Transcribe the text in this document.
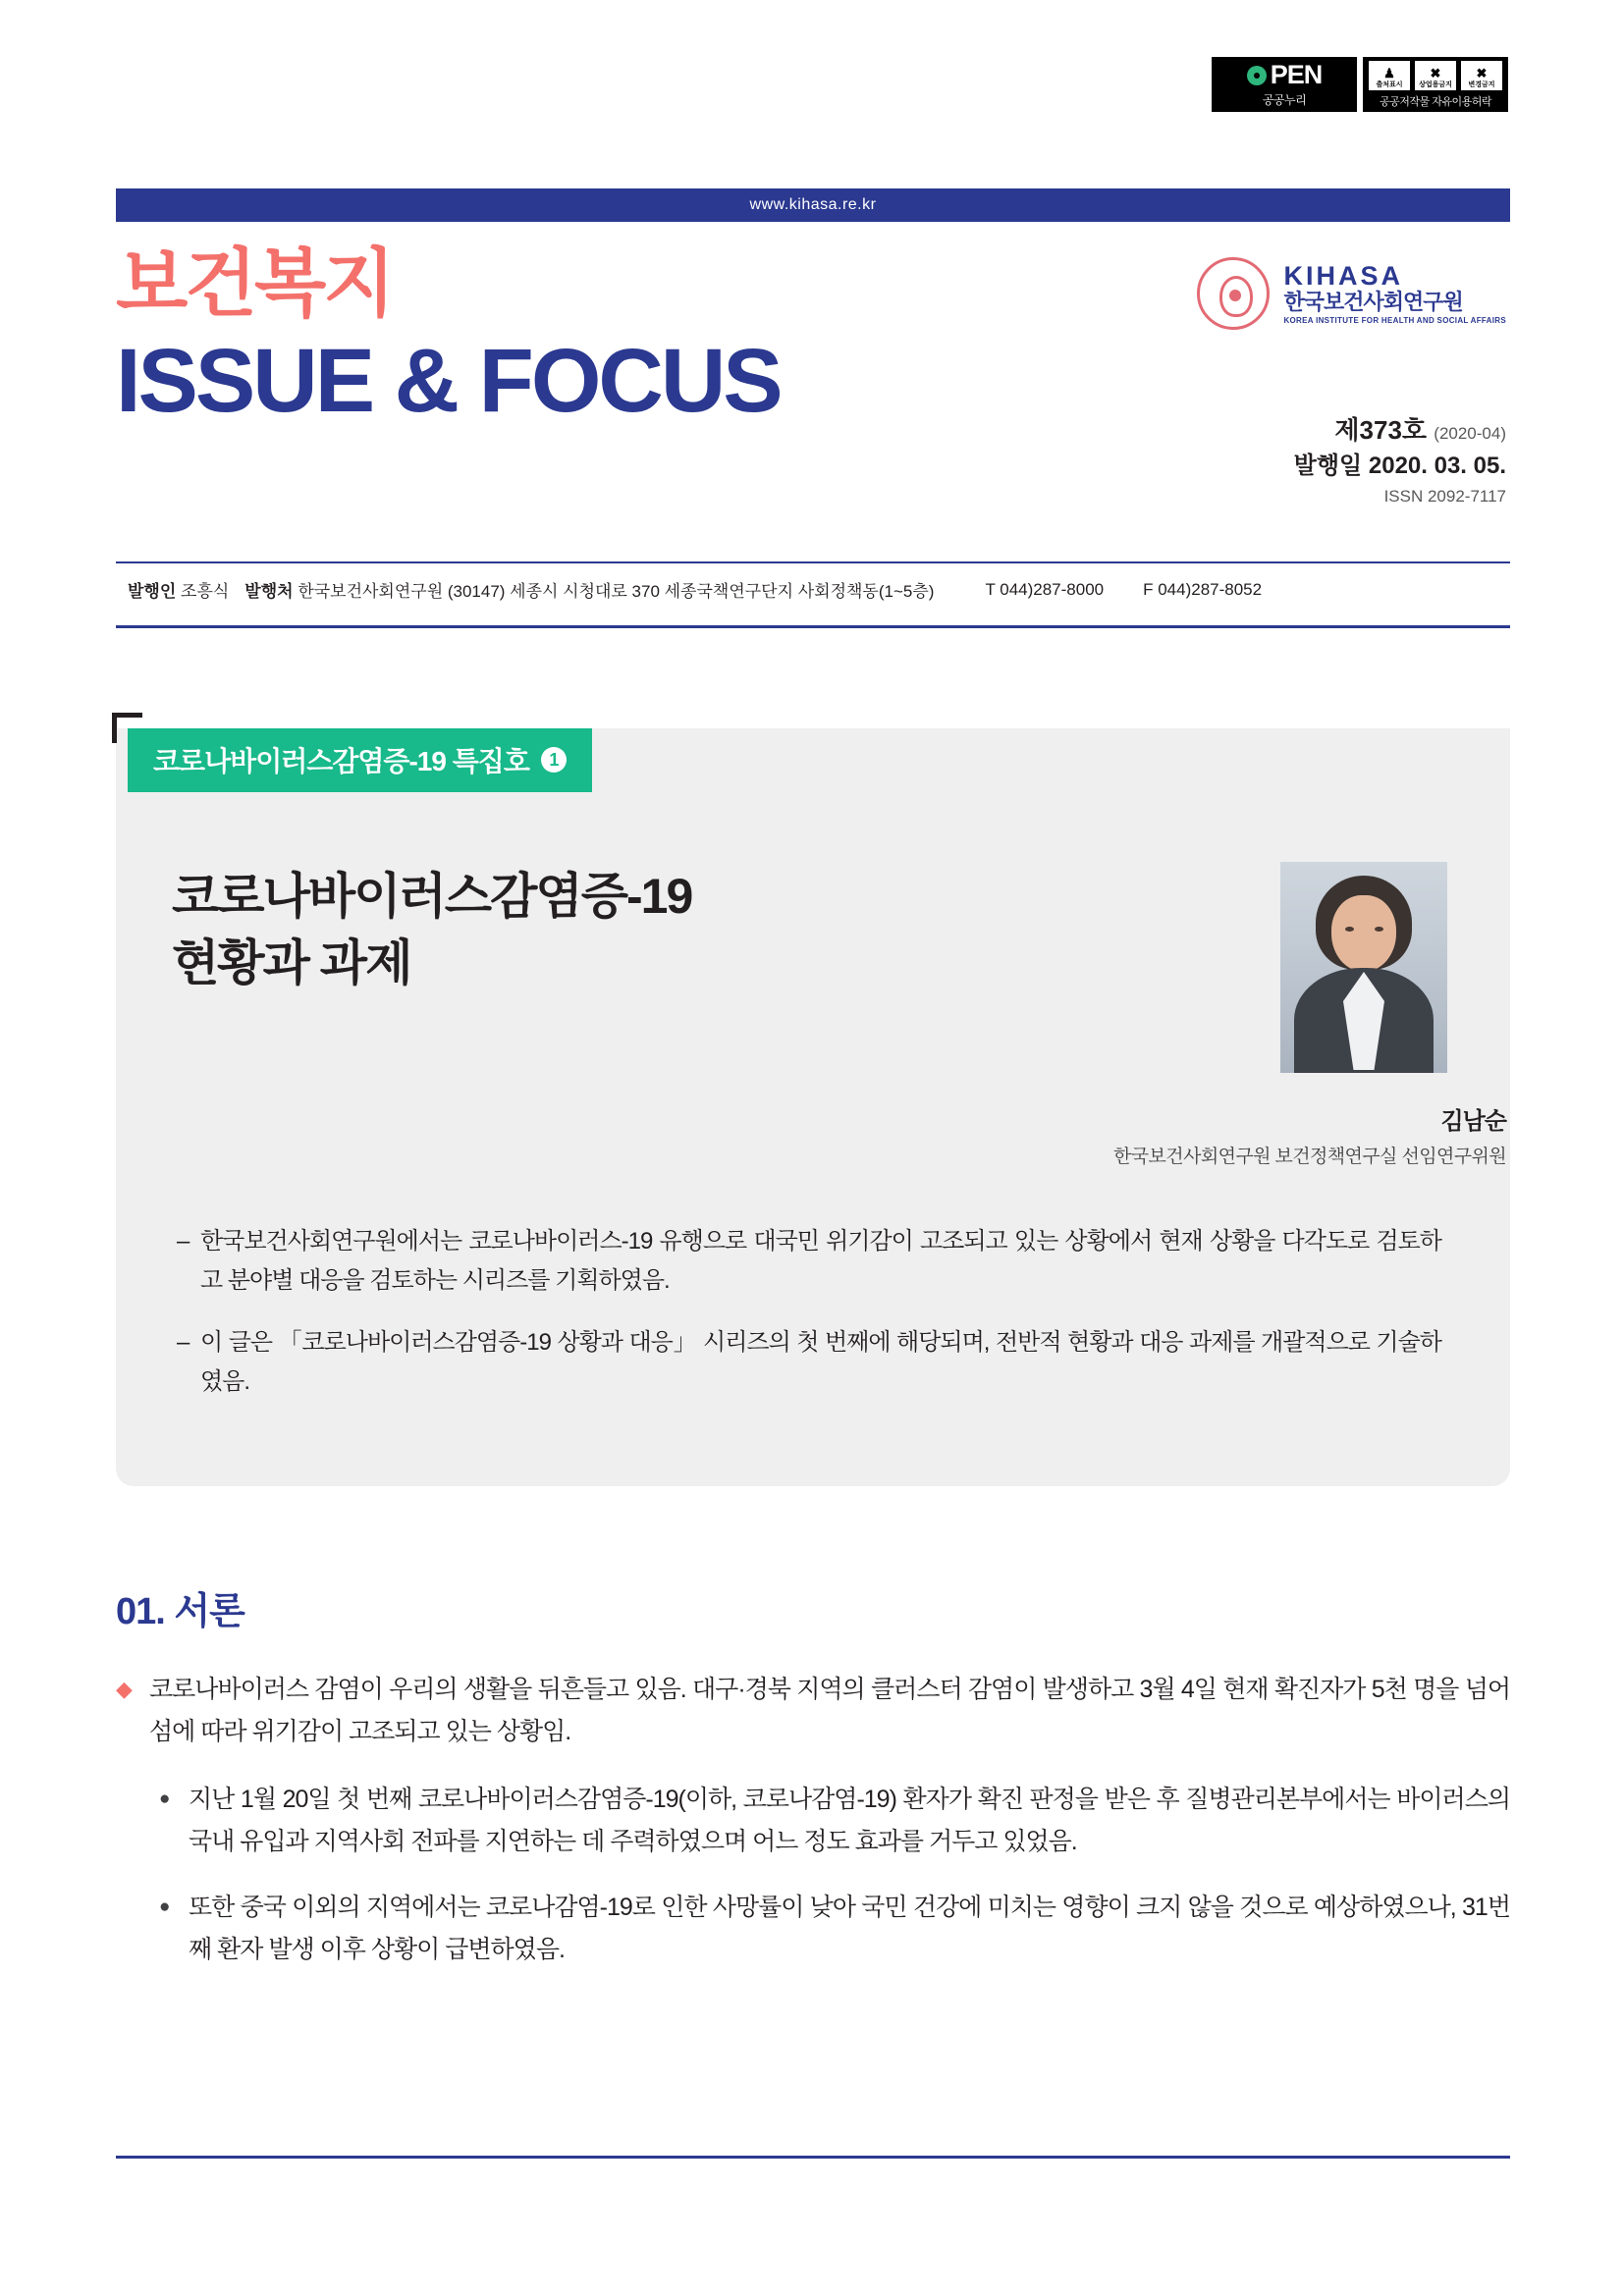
PEN
공공누리
♟
출처표시
✖
상업용금지
✖
변경금지
공공저작물 자유이용허락
www.kihasa.re.kr
보건복지
ISSUE & FOCUS
KIHASA
한국보건사회연구원
KOREA INSTITUTE FOR HEALTH AND SOCIAL AFFAIRS
제373호 (2020-04)
발행일 2020. 03. 05.
ISSN 2092-7117
발행인 조흥식 발행처 한국보건사회연구원 (30147) 세종시 시청대로 370 세종국책연구단지 사회정책동(1~5층)	T 044)287-8000 F 044)287-8052
코로나바이러스감염증-19 특집호	1
코로나바이러스감염증-19
현황과 과제
김남순
한국보건사회연구원 보건정책연구실 선임연구위원
– 한국보건사회연구원에서는 코로나바이러스-19 유행으로 대국민 위기감이 고조되고 있는 상황에서 현재 상황을 다각도로 검토하고 분야별 대응을 검토하는 시리즈를 기획하였음.
– 이 글은 「코로나바이러스감염증-19 상황과 대응」 시리즈의 첫 번째에 해당되며, 전반적 현황과 대응 과제를 개괄적으로 기술하였음.
01. 서론
◆ 코로나바이러스 감염이 우리의 생활을 뒤흔들고 있음. 대구·경북 지역의 클러스터 감염이 발생하고 3월 4일 현재 확진자가 5천 명을 넘어섬에 따라 위기감이 고조되고 있는 상황임.
● 지난 1월 20일 첫 번째 코로나바이러스감염증-19(이하, 코로나감염-19) 환자가 확진 판정을 받은 후 질병관리본부에서는 바이러스의 국내 유입과 지역사회 전파를 지연하는 데 주력하였으며 어느 정도 효과를 거두고 있었음.
● 또한 중국 이외의 지역에서는 코로나감염-19로 인한 사망률이 낮아 국민 건강에 미치는 영향이 크지 않을 것으로 예상하였으나, 31번째 환자 발생 이후 상황이 급변하였음.
